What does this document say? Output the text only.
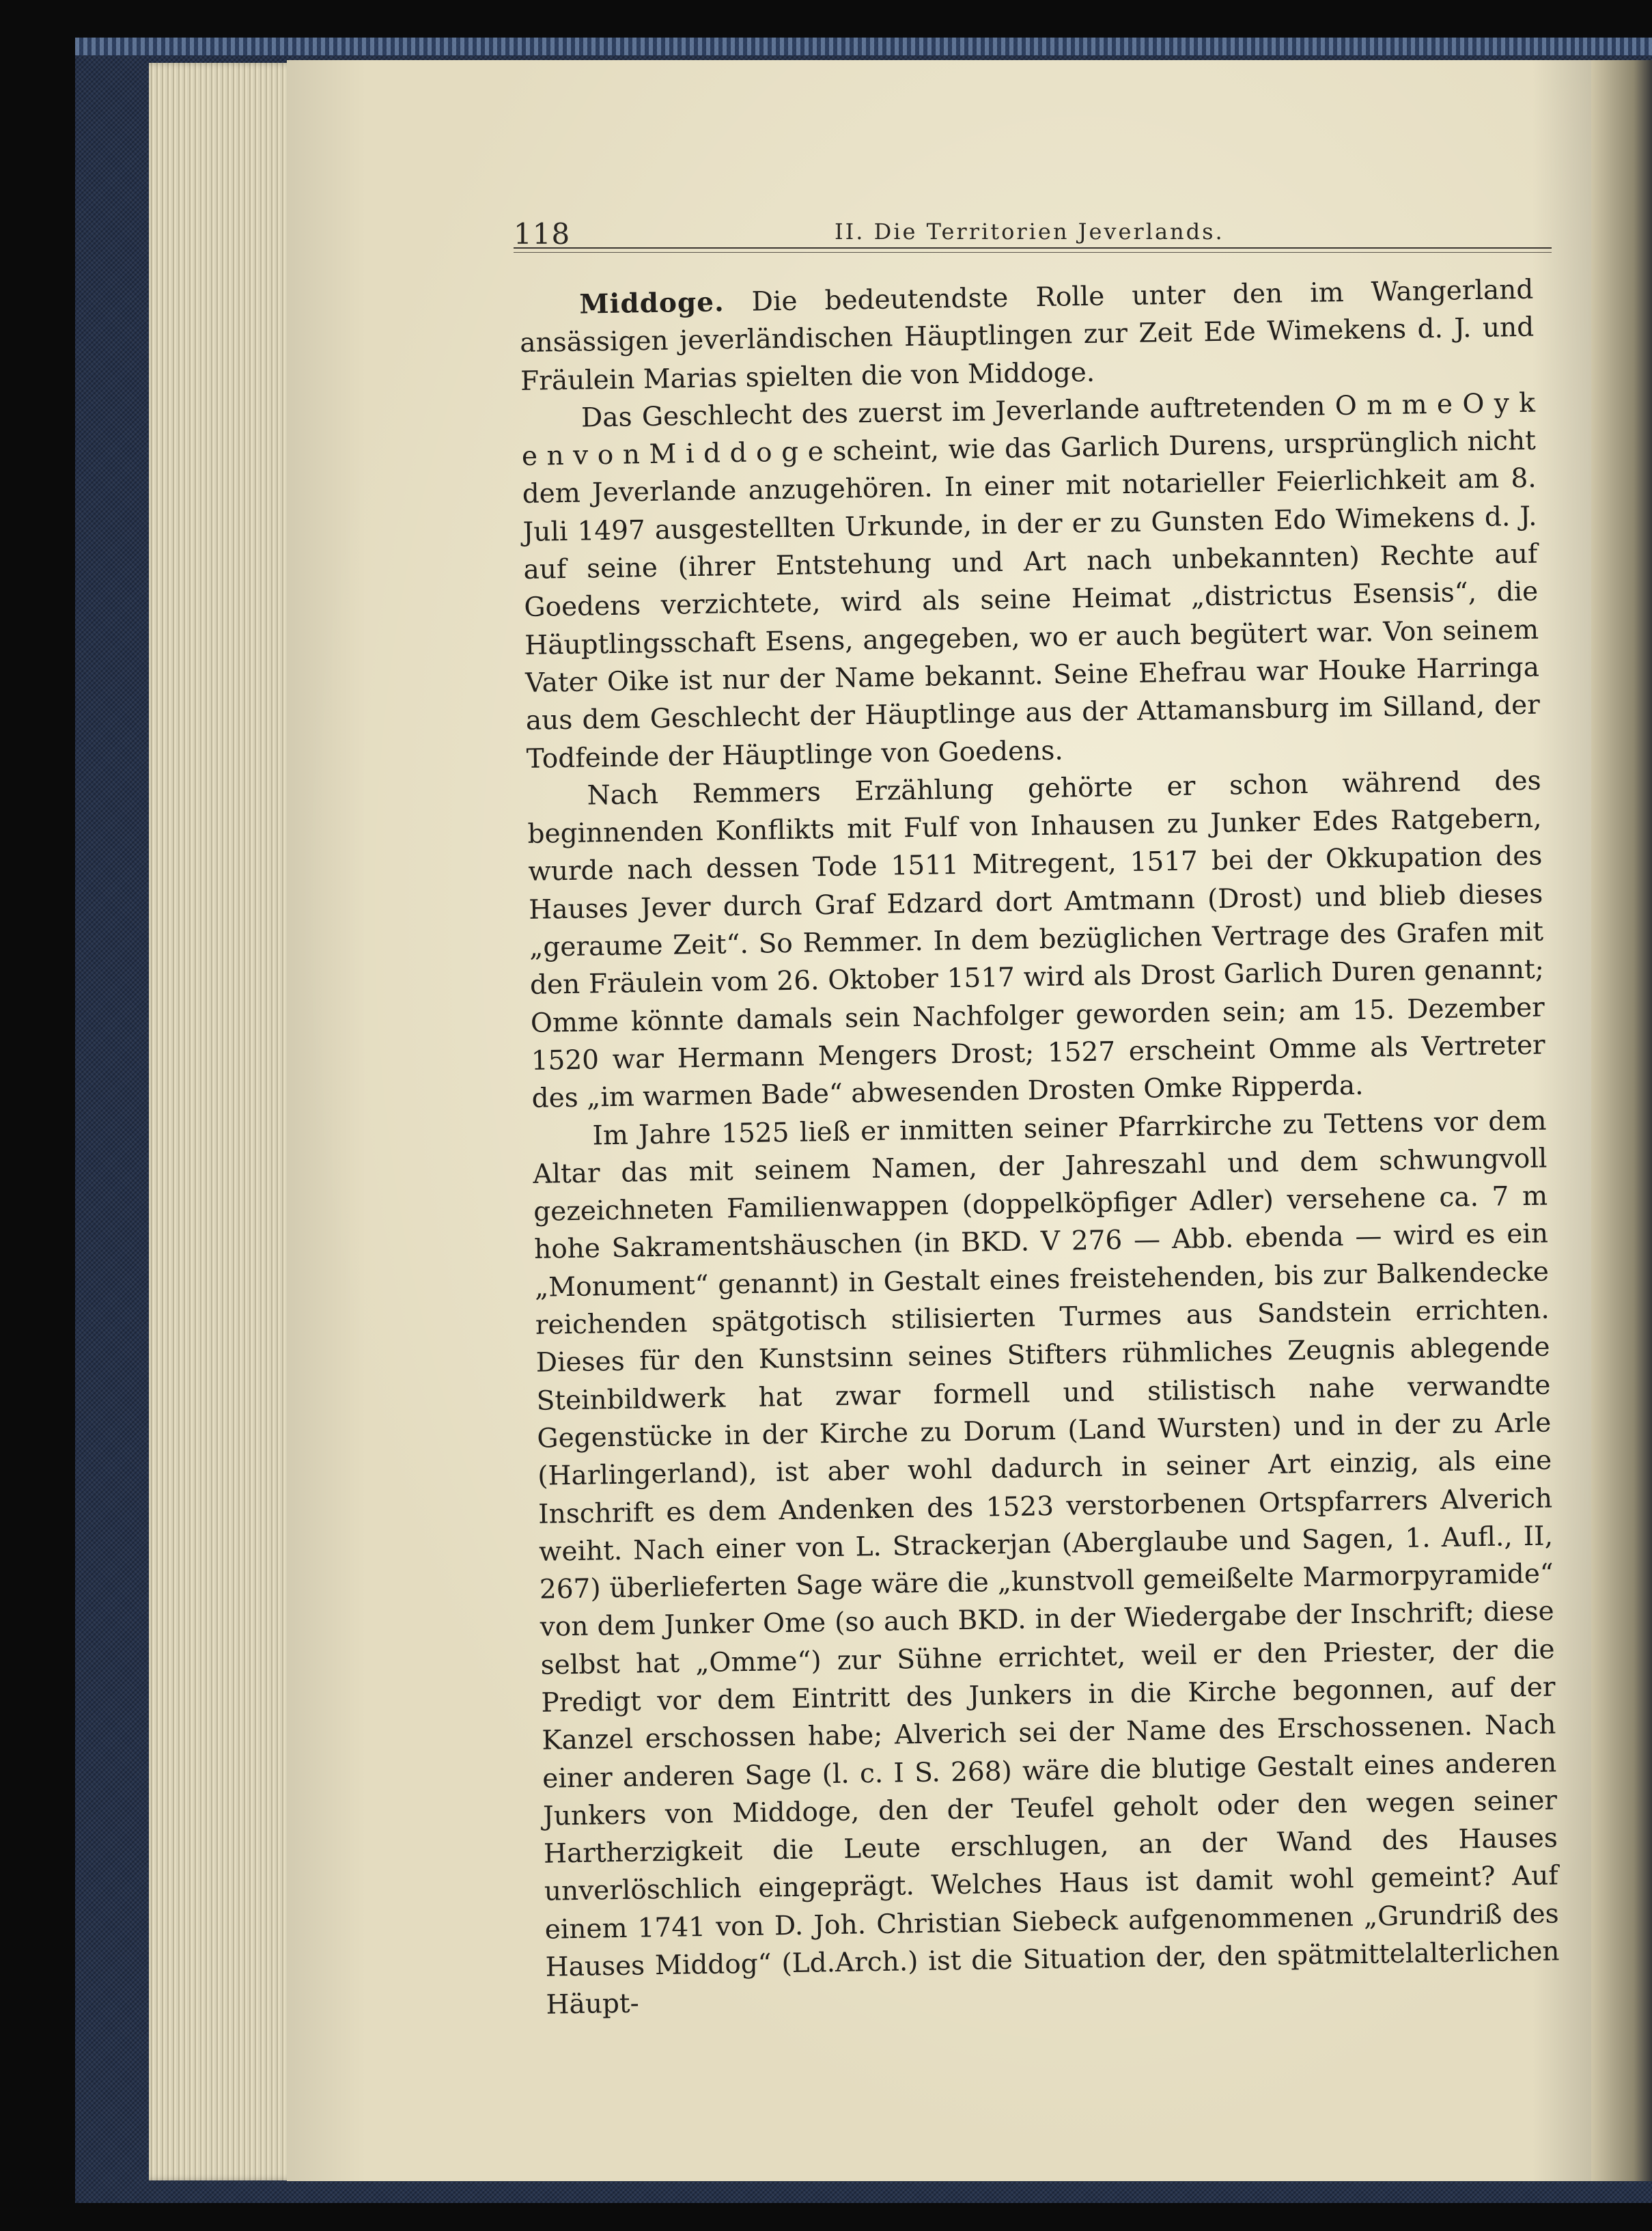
118	II. Die Territorien Jeverlands.

Middoge. Die bedeutendste Rolle unter den im Wangerland ansässigen jeverländischen Häuptlingen zur Zeit Ede Wimekens d. J. und Fräulein Marias spielten die von Middoge.

Das Geschlecht des zuerst im Jeverlande auftretenden O m m e O y k e n v o n M i d d o g e scheint, wie das Garlich Durens, ursprünglich nicht dem Jeverlande anzugehören. In einer mit notarieller Feierlichkeit am 8. Juli 1497 ausgestellten Urkunde, in der er zu Gunsten Edo Wimekens d. J. auf seine (ihrer Entstehung und Art nach unbekannten) Rechte auf Goedens verzichtete, wird als seine Heimat „districtus Esensis“, die Häuptlingsschaft Esens, angegeben, wo er auch begütert war. Von seinem Vater Oike ist nur der Name bekannt. Seine Ehefrau war Houke Harringa aus dem Geschlecht der Häuptlinge aus der Attamansburg im Silland, der Todfeinde der Häuptlinge von Goedens.

Nach Remmers Erzählung gehörte er schon während des beginnenden Konflikts mit Fulf von Inhausen zu Junker Edes Ratgebern, wurde nach dessen Tode 1511 Mitregent, 1517 bei der Okkupation des Hauses Jever durch Graf Edzard dort Amtmann (Drost) und blieb dieses „geraume Zeit“. So Remmer. In dem bezüglichen Vertrage des Grafen mit den Fräulein vom 26. Oktober 1517 wird als Drost Garlich Duren genannt; Omme könnte damals sein Nachfolger geworden sein; am 15. Dezember 1520 war Hermann Mengers Drost; 1527 erscheint Omme als Vertreter des „im warmen Bade“ abwesenden Drosten Omke Ripperda.

Im Jahre 1525 ließ er inmitten seiner Pfarrkirche zu Tettens vor dem Altar das mit seinem Namen, der Jahreszahl und dem schwungvoll gezeichneten Familienwappen (doppelköpfiger Adler) versehene ca. 7 m hohe Sakramentshäuschen (in BKD. V 276 — Abb. ebenda — wird es ein „Monument“ genannt) in Gestalt eines freistehenden, bis zur Balkendecke reichenden spätgotisch stilisierten Turmes aus Sandstein errichten. Dieses für den Kunstsinn seines Stifters rühmliches Zeugnis ablegende Steinbildwerk hat zwar formell und stilistisch nahe verwandte Gegenstücke in der Kirche zu Dorum (Land Wursten) und in der zu Arle (Harlingerland), ist aber wohl dadurch in seiner Art einzig, als eine Inschrift es dem Andenken des 1523 verstorbenen Ortspfarrers Alverich weiht. Nach einer von L. Strackerjan (Aberglaube und Sagen, 1. Aufl., II, 267) überlieferten Sage wäre die „kunstvoll gemeißelte Marmorpyramide“ von dem Junker Ome (so auch BKD. in der Wiedergabe der Inschrift; diese selbst hat „Omme“) zur Sühne errichtet, weil er den Priester, der die Predigt vor dem Eintritt des Junkers in die Kirche begonnen, auf der Kanzel erschossen habe; Alverich sei der Name des Erschossenen. Nach einer anderen Sage (l. c. I S. 268) wäre die blutige Gestalt eines anderen Junkers von Middoge, den der Teufel geholt oder den wegen seiner Hartherzigkeit die Leute erschlugen, an der Wand des Hauses unverlöschlich eingeprägt. Welches Haus ist damit wohl gemeint? Auf einem 1741 von D. Joh. Christian Siebeck aufgenommenen „Grundriß des Hauses Middog“ (Ld.Arch.) ist die Situation der, den spätmittelalterlichen Häupt-
